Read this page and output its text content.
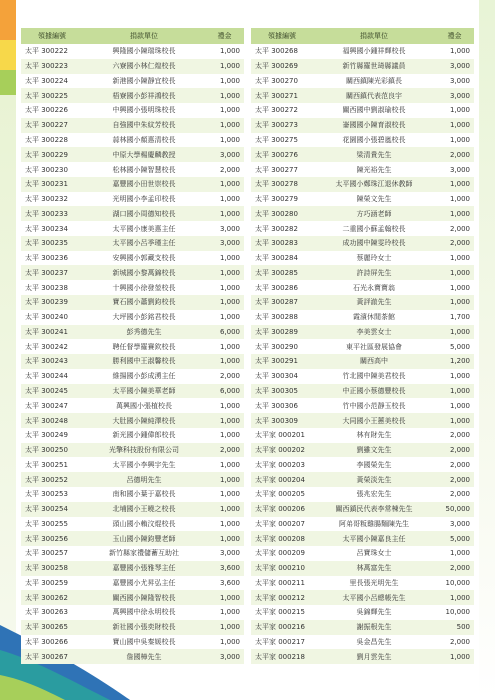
領據編號	捐款單位	禮金
太平 300222	興隆國小陳瑞珠校長	1,000
太平 300223	六寮國小林仁煌校長	1,000
太平 300224	新港國小陳靜宜校長	1,000
太平 300225	梧寮國小彭祥鴻校長	1,000
太平 300226	中興國小張明珠校長	1,000
太平 300227	自強國中朱紋芳校長	1,000
太平 300228	蒜林國小顏惠清校長	1,000
太平 300229	中原大學楊慶麟教授	3,000
太平 300230	松林國小陳智慧校長	2,000
太平 300231	嘉豐國小田世崇校長	1,000
太平 300232	光明國小李孟印校長	1,000
太平 300233	湖口國小周德知校長	1,000
太平 300234	太平國小康美惠主任	3,000
太平 300235	太平國小呂季瑾主任	3,000
太平 300236	安興國小郭藏支校長	1,000
太平 300237	新城國小黎萬錦校長	1,000
太平 300238	十興國小徐發堃校長	1,000
太平 300239	寶石國小蕭劉鈞校長	1,000
太平 300240	大坪國小彭銘君校長	1,000
太平 300241	彭秀德先生	6,000
太平 300242	聘任督學羅賽欽校長	1,000
太平 300243	勝利國中王淑馨校長	1,000
太平 300244	維揚國小彭成湧主任	2,000
太平 300245	太平國小陳美華老師	6,000
太平 300247	萬興國小張植校長	1,000
太平 300248	大肚國小陳純澤校長	1,000
太平 300249	新光國小鍾偉郎校長	1,000
太平 300250	光擎科技股份有限公司	2,000
太平 300251	太平國小李興宇先生	1,000
太平 300252	呂德明先生	1,000
太平 300253	南和國小葉于嘉校長	1,000
太平 300254	北埔國小王曉之校長	1,000
太平 300255	頭山國小賴汶焜校長	1,000
太平 300256	玉山國小陳鈞豐老師	1,000
太平 300257	新竹縣家禮儲蓄互助社	3,000
太平 300258	嘉豐國小張雅琴主任	3,600
太平 300259	嘉豐國小尤昇弘主任	3,600
太平 300262	關西國小陳隆智校長	1,000
太平 300263	萬興國中徐永明校長	1,000
太平 300265	新社國小張奕財校長	1,000
太平 300266	寶山國中吳秦媛校長	1,000
太平 300267	詹國樟先生	3,000
領據編號	捐款單位	禮金
太平 300268	福興國小鍾祥輝校長	1,000
太平 300269	新竹縣羅世琦縣議員	3,000
太平 300270	關西鎮陳光彩鎮長	3,000
太平 300271	關西鎮代表范良宇	3,000
太平 300272	關西國中劉淑瑜校長	1,000
太平 300273	崙國國小陳育淑校長	1,000
太平 300275	花園國小張碧嵐校長	1,000
太平 300276	梁清貴先生	2,000
太平 300277	陳光裕先生	3,000
太平 300278	太平國小鄭珠江退休教師	1,000
太平 300279	陳榮文先生	1,000
太平 300280	方巧涵老師	1,000
太平 300282	二重國小蘇孟翰校長	2,000
太平 300283	成功國中陳雯玲校長	2,000
太平 300284	蔡麗玲女士	1,000
太平 300285	許詩屏先生	1,000
太平 300286	石光永寶寶翁	1,000
太平 300287	黃評澈先生	1,000
太平 300288	霞濱休閒茶館	1,700
太平 300289	李美雲女士	1,000
太平 300290	東平社區發展協會	5,000
太平 300291	關西高中	1,200
太平 300304	竹北國中陳美君校長	1,000
太平 300305	中正國小蔡德豐校長	1,000
太平 300306	竹中國小范靜玉校長	1,000
太平 300309	大同國小王蕙美校長	1,000
太平家 000201	林有財先生	2,000
太平家 000202	劉雖文先生	2,000
太平家 000203	李國榮先生	2,000
太平家 000204	黃榮淡先生	2,000
太平家 000205	張兆宏先生	2,000
太平家 000206	關西鎮民代表李常棟先生	50,000
太平家 000207	阿弟哥粄雞腸麵陳先生	3,000
太平家 000208	太平國小陳嘉良主任	5,000
太平家 000209	呂寶珠女士	1,000
太平家 000210	林萬富先生	2,000
太平家 000211	里長張光明先生	10,000
太平家 000212	太平國小呂總帳先生	1,000
太平家 000215	吳錦輝先生	10,000
太平家 000216	謝振根先生	500
太平家 000217	吳金昌先生	2,000
太平家 000218	劉月雲先生	1,000
